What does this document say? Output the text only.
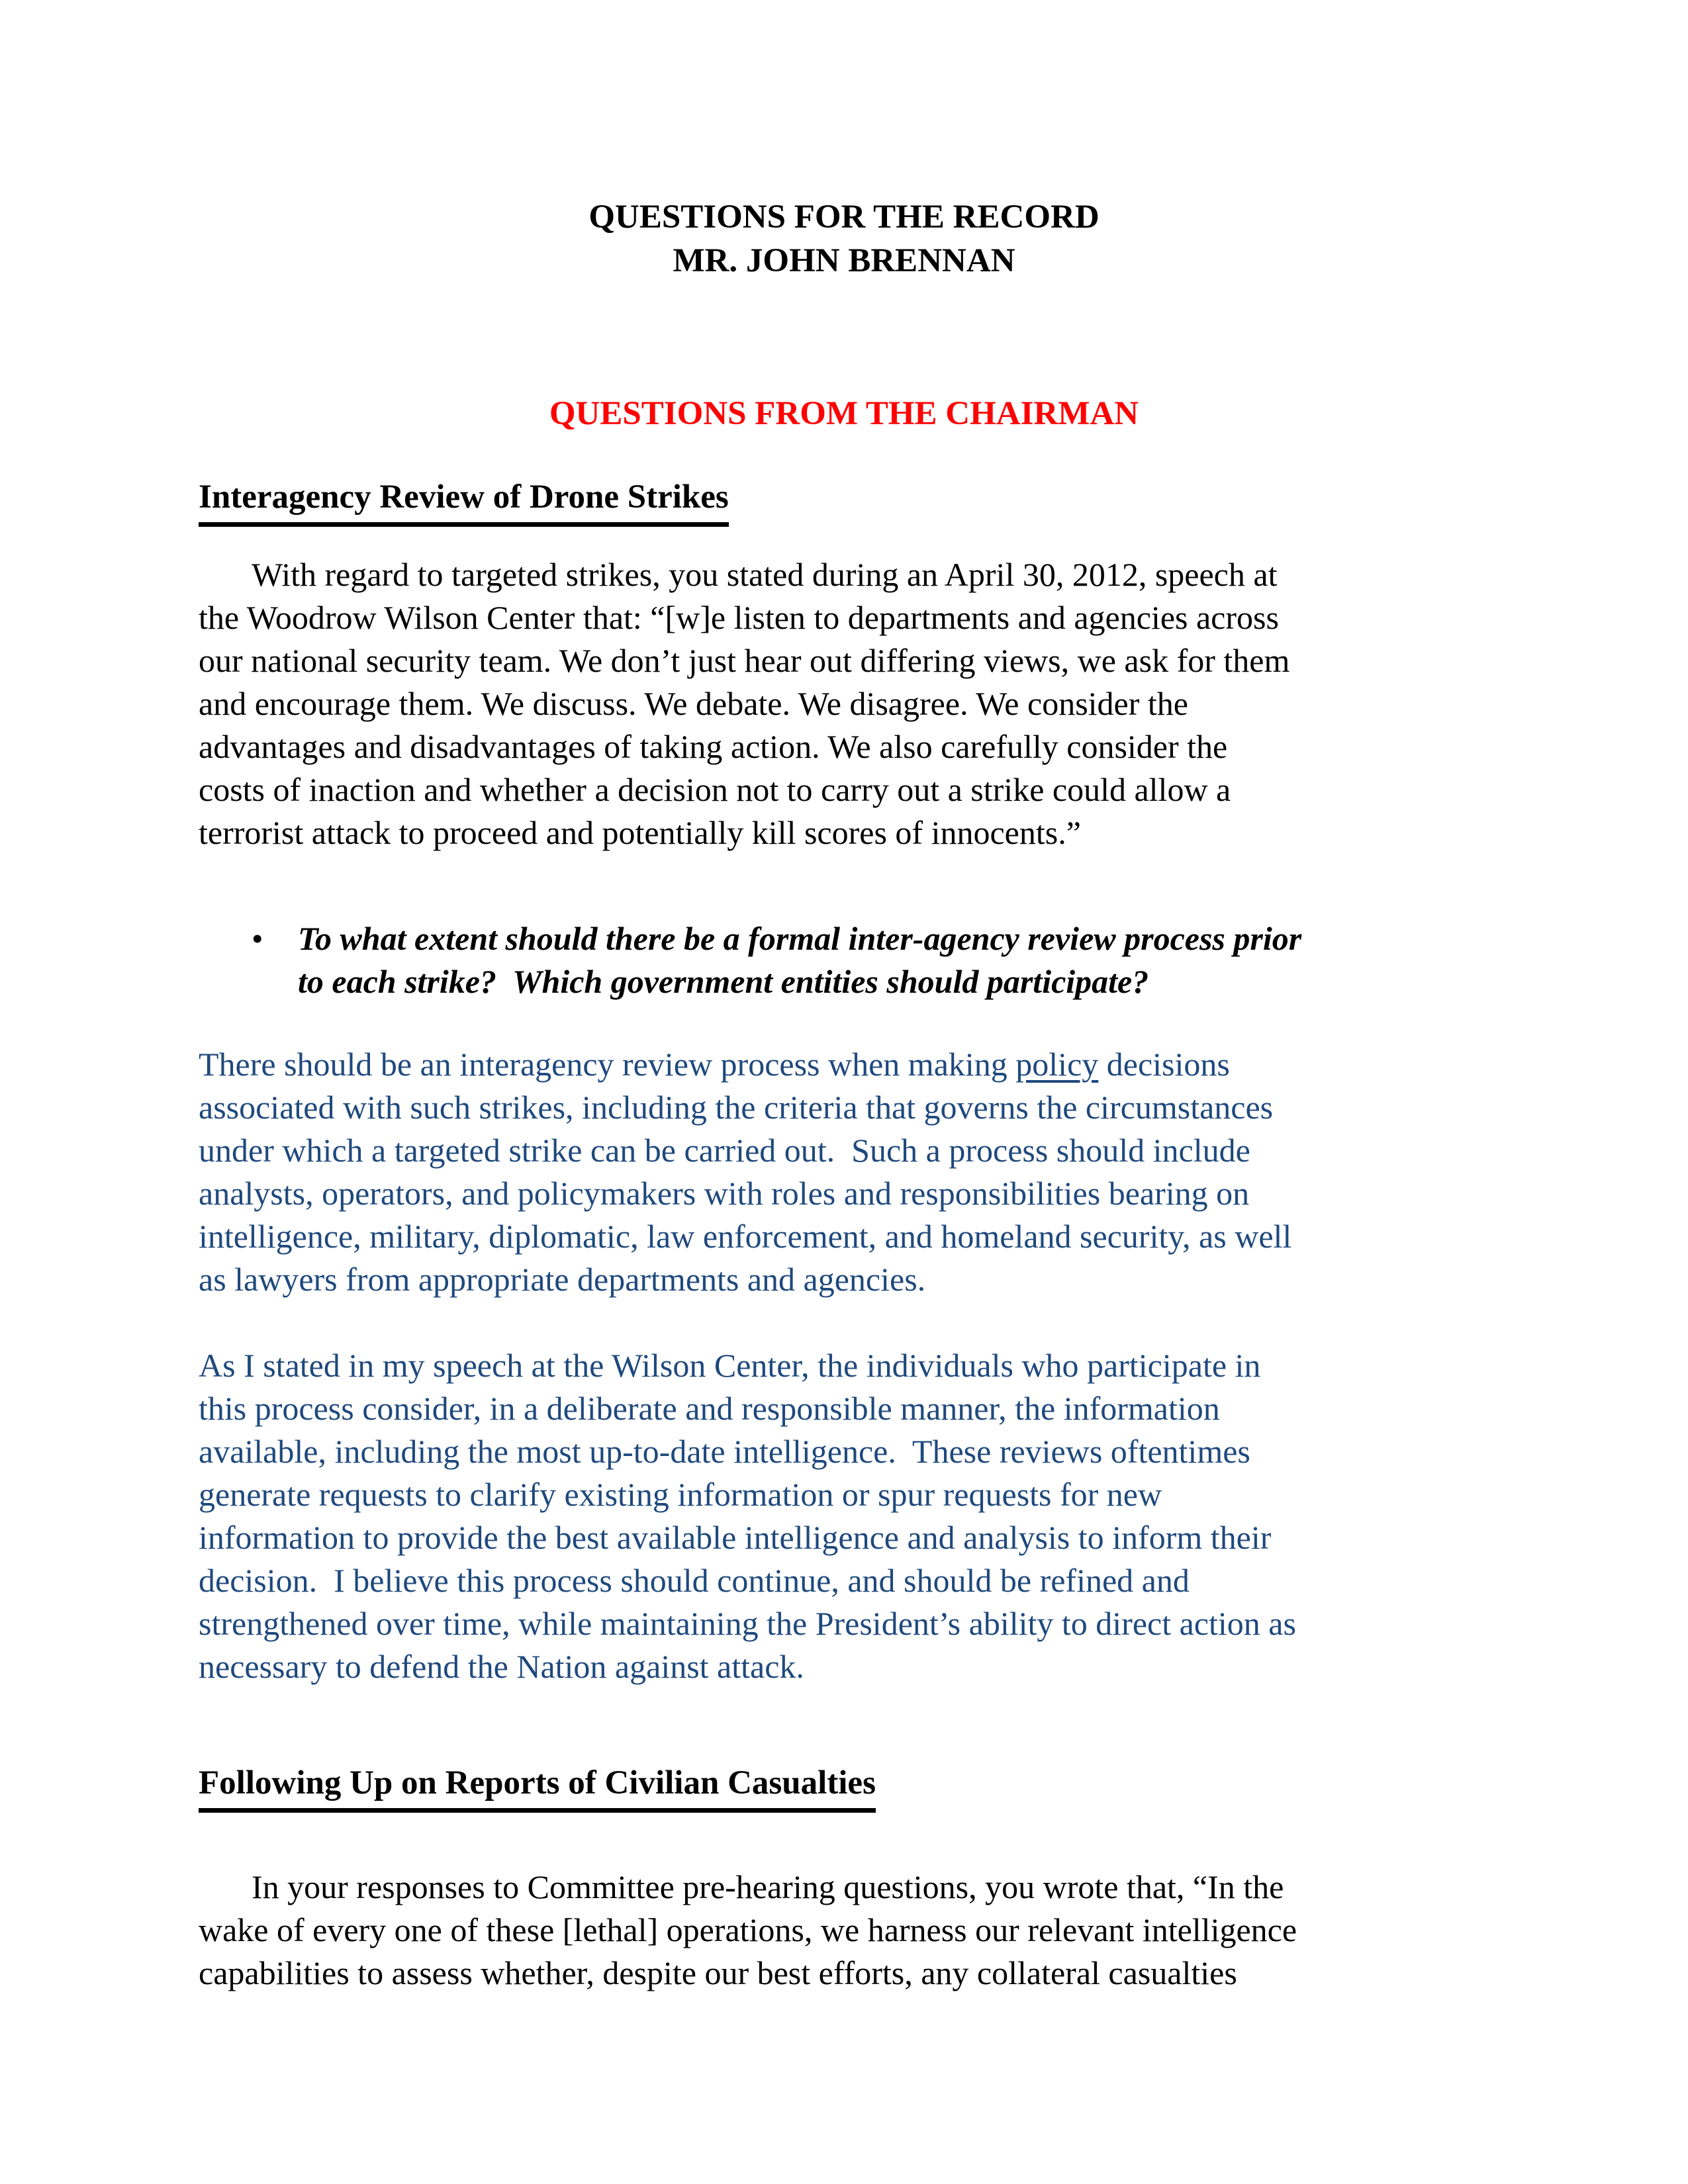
QUESTIONS FOR THE RECORD
MR. JOHN BRENNAN
QUESTIONS FROM THE CHAIRMAN
Interagency Review of Drone Strikes
With regard to targeted strikes, you stated during an April 30, 2012, speech at
the Woodrow Wilson Center that: “[w]e listen to departments and agencies across
our national security team. We don’t just hear out differing views, we ask for them
and encourage them. We discuss. We debate. We disagree. We consider the
advantages and disadvantages of taking action. We also carefully consider the
costs of inaction and whether a decision not to carry out a strike could allow a
terrorist attack to proceed and potentially kill scores of innocents.”
•	To what extent should there be a formal inter-agency review process prior
to each strike?  Which government entities should participate?
There should be an interagency review process when making policy decisions
associated with such strikes, including the criteria that governs the circumstances
under which a targeted strike can be carried out.  Such a process should include
analysts, operators, and policymakers with roles and responsibilities bearing on
intelligence, military, diplomatic, law enforcement, and homeland security, as well
as lawyers from appropriate departments and agencies.
As I stated in my speech at the Wilson Center, the individuals who participate in
this process consider, in a deliberate and responsible manner, the information
available, including the most up-to-date intelligence.  These reviews oftentimes
generate requests to clarify existing information or spur requests for new
information to provide the best available intelligence and analysis to inform their
decision.  I believe this process should continue, and should be refined and
strengthened over time, while maintaining the President’s ability to direct action as
necessary to defend the Nation against attack.
Following Up on Reports of Civilian Casualties
In your responses to Committee pre-hearing questions, you wrote that, “In the
wake of every one of these [lethal] operations, we harness our relevant intelligence
capabilities to assess whether, despite our best efforts, any collateral casualties
